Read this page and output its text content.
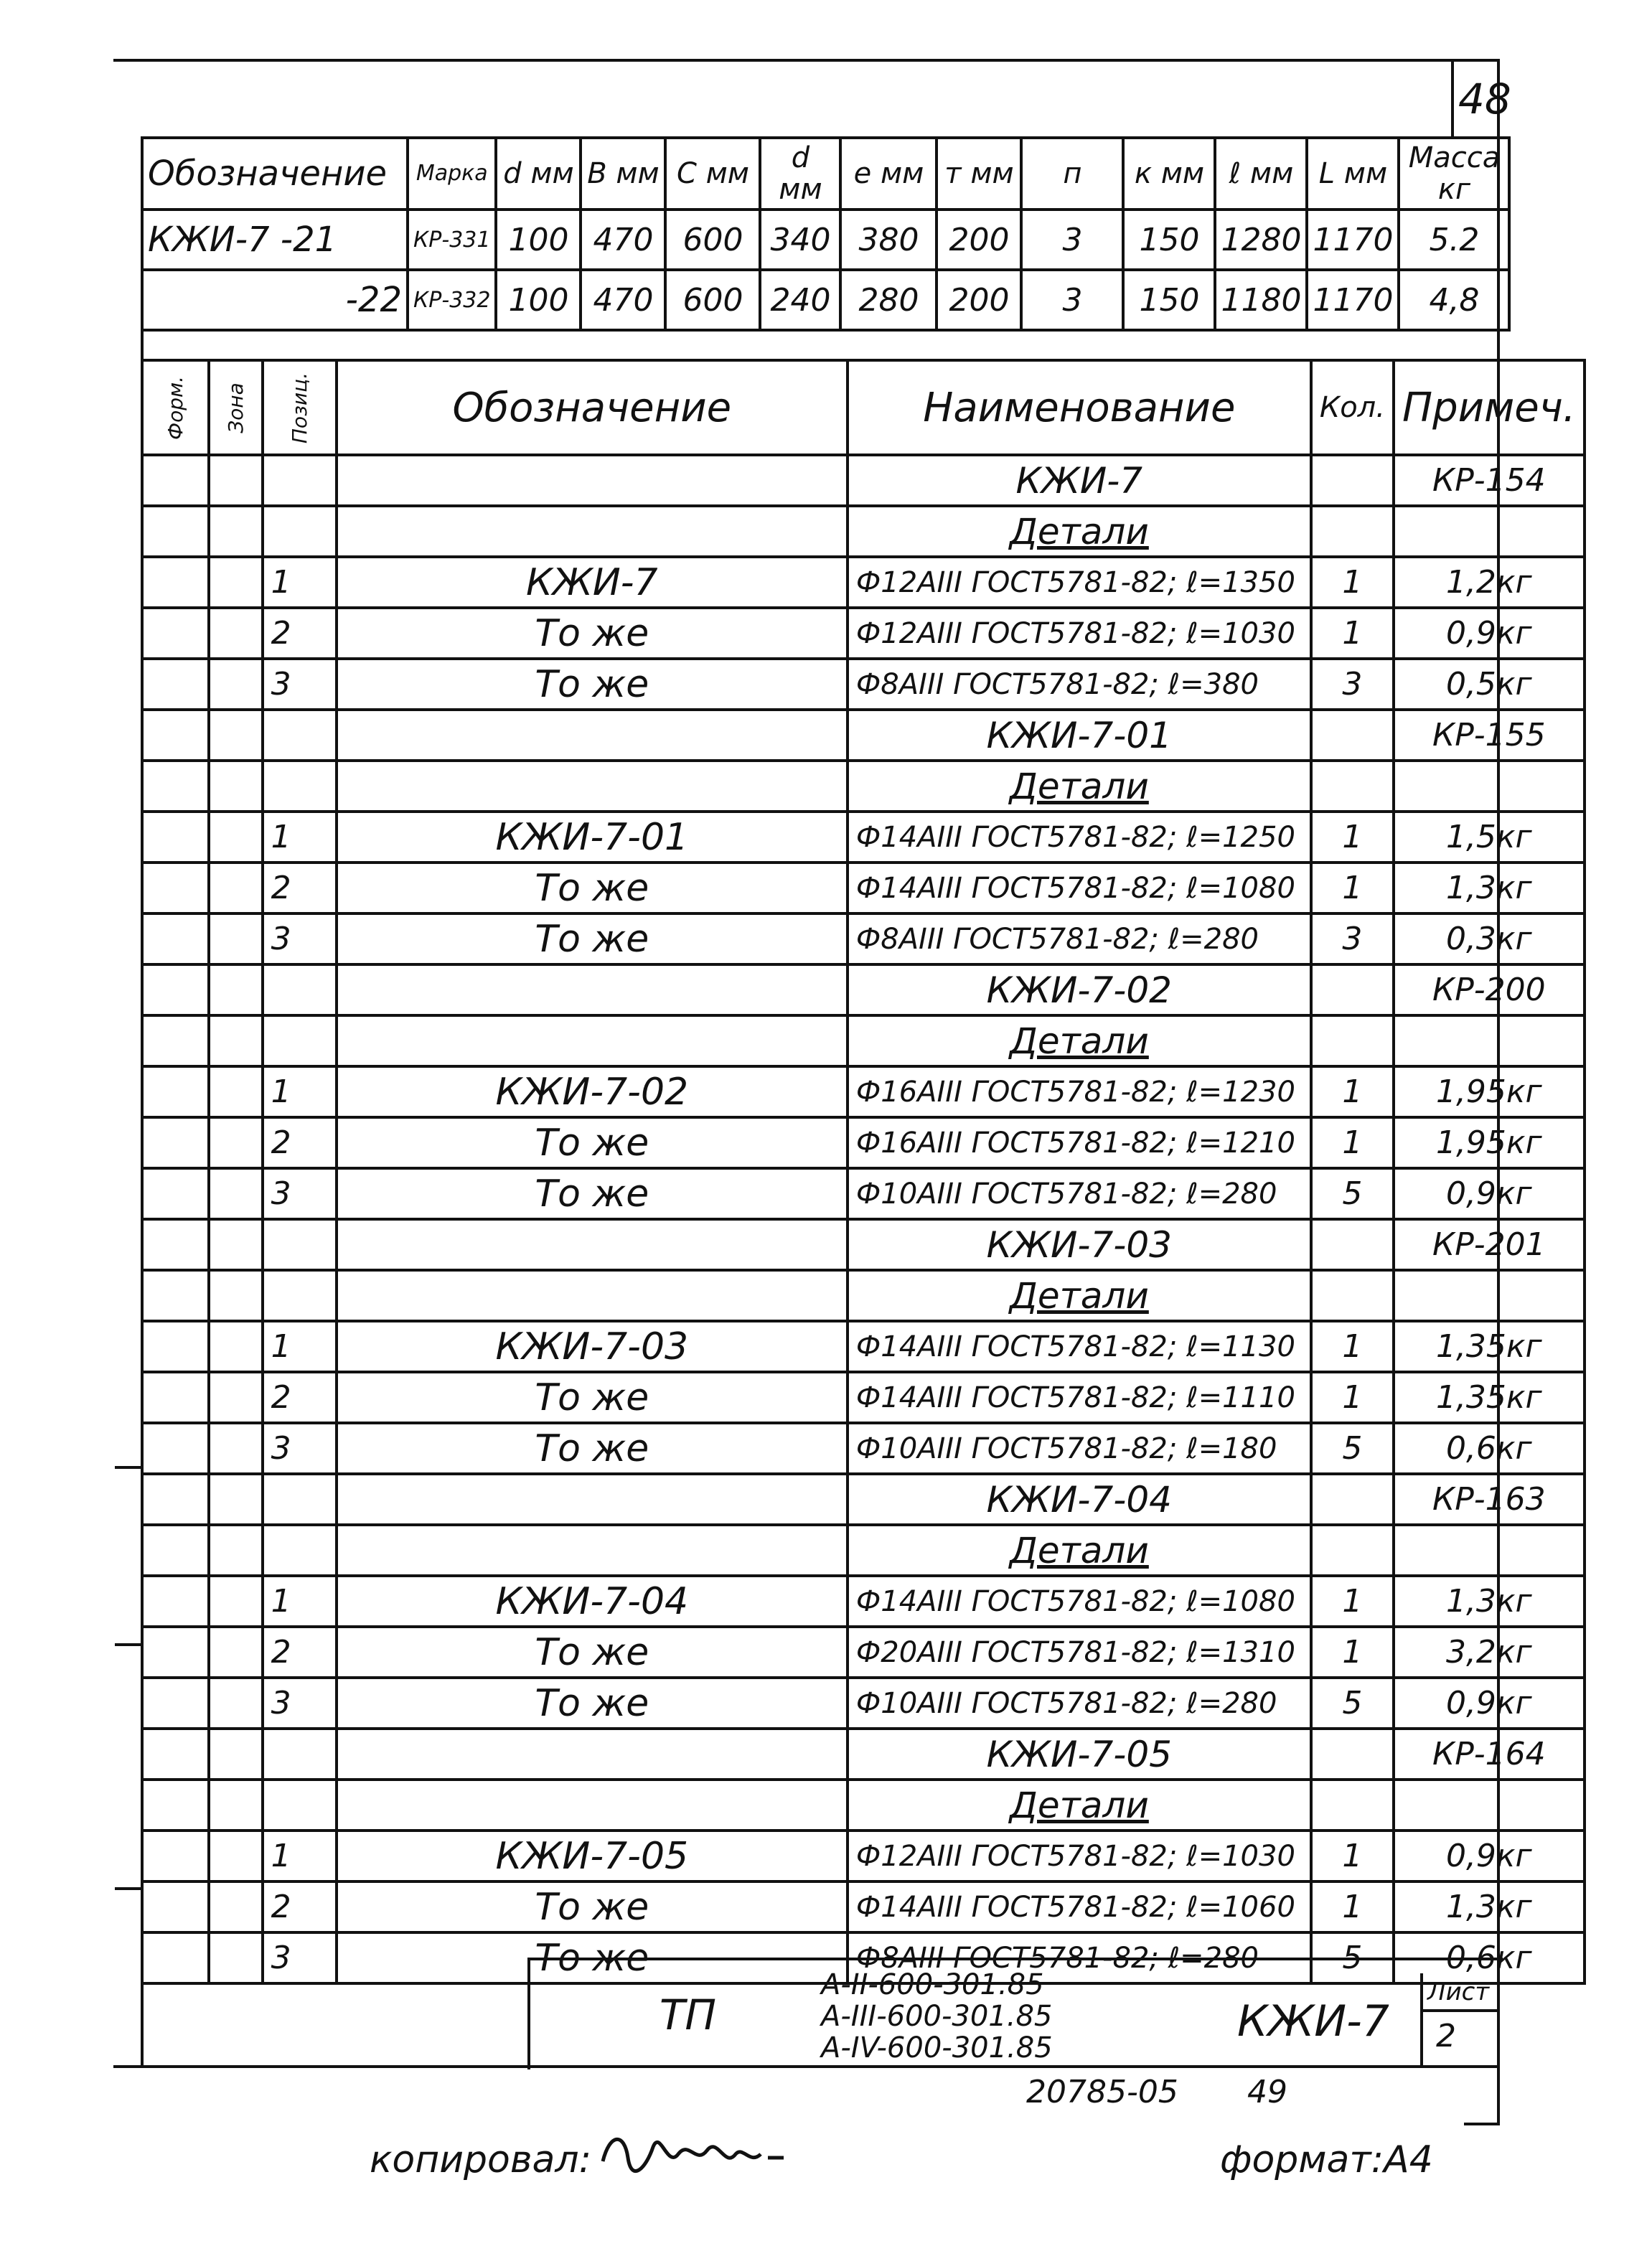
48
Обозначение	Марка	d мм	В мм	С мм	d мм	е мм	т мм	п	к мм	ℓ мм	L мм	Масса кг
КЖИ-7 -21	КР-331	100	470	600	340	380	200	3	150	1280	1170	5.2
-22	КР-332	100	470	600	240	280	200	3	150	1180	1170	4,8
Форм.	Зона	Позиц.	Обозначение	Наименование	Кол.	Примеч.
				КЖИ-7		КР-154
				Детали		
		1	КЖИ-7	Ф12АIII ГОСТ5781-82; ℓ=1350	1	1,2кг
		2	То же	Ф12АIII ГОСТ5781-82; ℓ=1030	1	0,9кг
		3	То же	Ф8АIII ГОСТ5781-82; ℓ=380	3	0,5кг
				КЖИ-7-01		КР-155
				Детали		
		1	КЖИ-7-01	Ф14АIII ГОСТ5781-82; ℓ=1250	1	1,5кг
		2	То же	Ф14АIII ГОСТ5781-82; ℓ=1080	1	1,3кг
		3	То же	Ф8АIII ГОСТ5781-82; ℓ=280	3	0,3кг
				КЖИ-7-02		КР-200
				Детали		
		1	КЖИ-7-02	Ф16АIII ГОСТ5781-82; ℓ=1230	1	1,95кг
		2	То же	Ф16АIII ГОСТ5781-82; ℓ=1210	1	1,95кг
		3	То же	Ф10АIII ГОСТ5781-82; ℓ=280	5	0,9кг
				КЖИ-7-03		КР-201
				Детали		
		1	КЖИ-7-03	Ф14АIII ГОСТ5781-82; ℓ=1130	1	1,35кг
		2	То же	Ф14АIII ГОСТ5781-82; ℓ=1110	1	1,35кг
		3	То же	Ф10АIII ГОСТ5781-82; ℓ=180	5	0,6кг
				КЖИ-7-04		КР-163
				Детали		
		1	КЖИ-7-04	Ф14АIII ГОСТ5781-82; ℓ=1080	1	1,3кг
		2	То же	Ф20АIII ГОСТ5781-82; ℓ=1310	1	3,2кг
		3	То же	Ф10АIII ГОСТ5781-82; ℓ=280	5	0,9кг
				КЖИ-7-05		КР-164
				Детали		
		1	КЖИ-7-05	Ф12АIII ГОСТ5781-82; ℓ=1030	1	0,9кг
		2	То же	Ф14АIII ГОСТ5781-82; ℓ=1060	1	1,3кг
		3	То же	Ф8АIII ГОСТ5781-82; ℓ=280	5	0,6кг
ТП
А-II-600-301.85
А-III-600-301.85
А-IV-600-301.85
КЖИ-7
Лист
2
20785-05 49
копировал:	формат:А4
